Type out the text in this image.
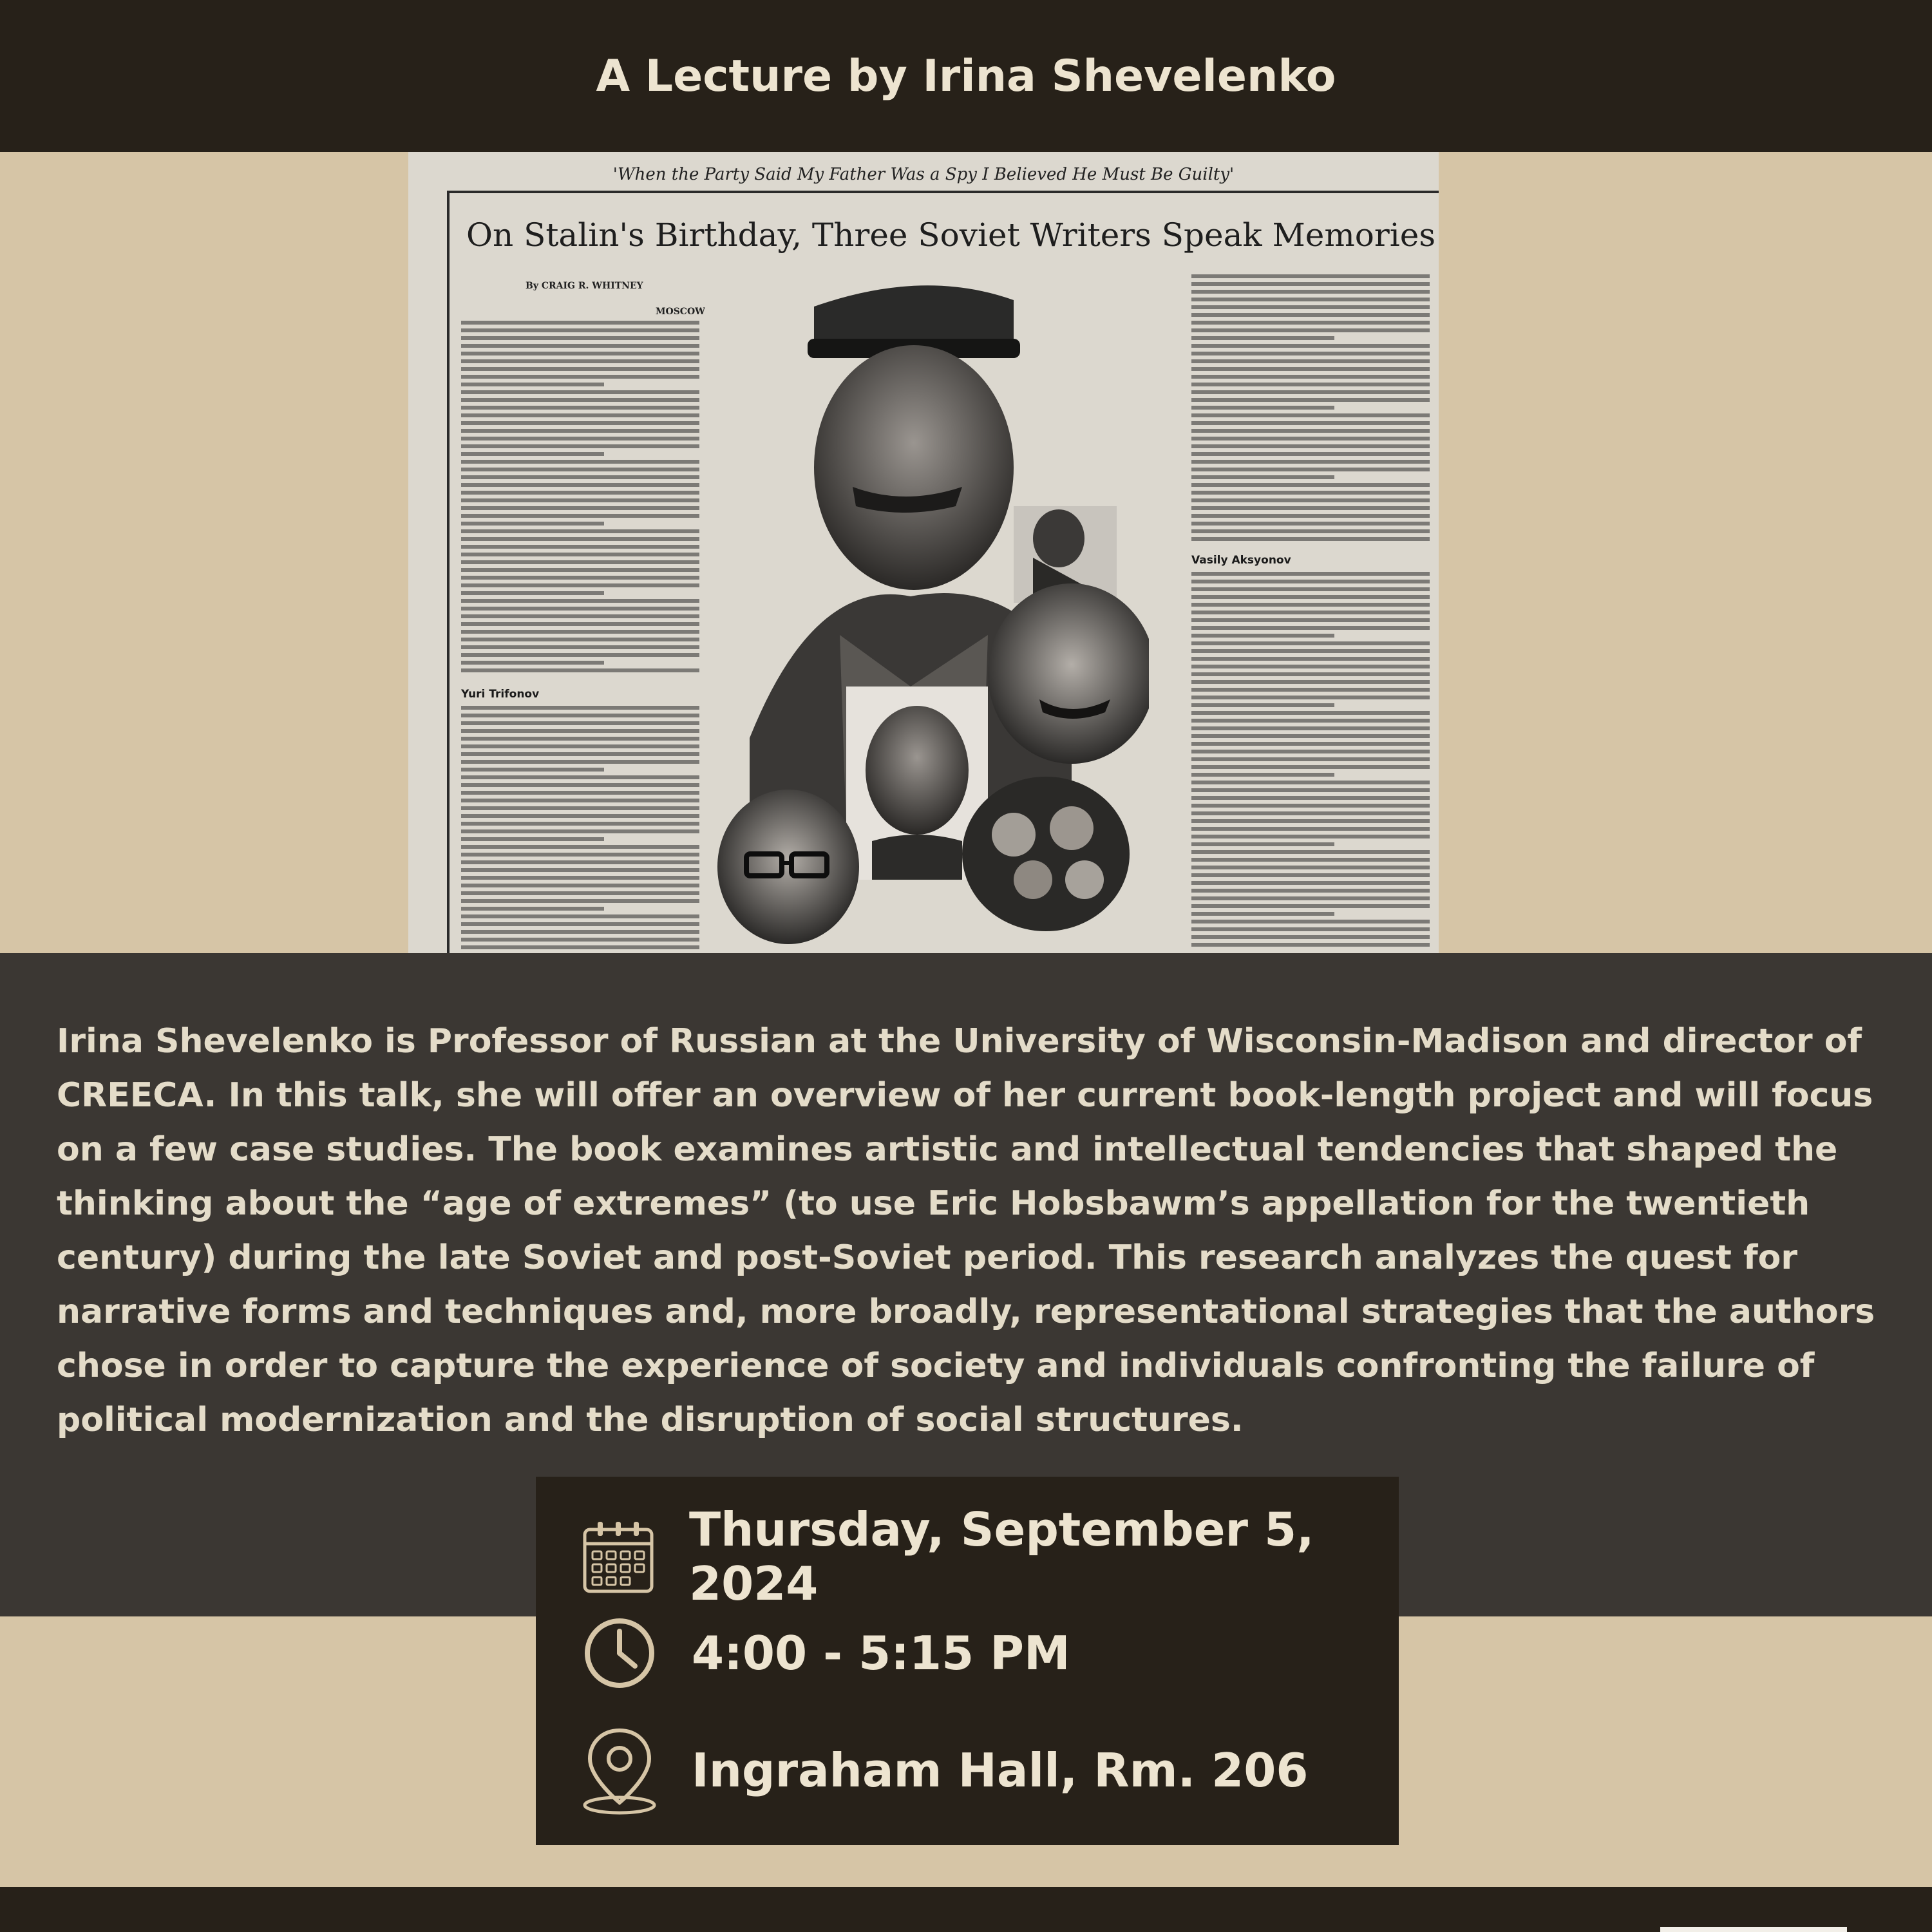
A Lecture by Irina Shevelenko
'When the Party Said My Father Was a Spy I Believed He Must Be Guilty'
On Stalin's Birthday, Three Soviet Writers Speak Memories
By CRAIG R. WHITNEY
MOSCOW
Yuri Trifonov
Vasily Aksyonov

Irina Shevelenko is Professor of Russian at the University of Wisconsin-Madison and director of CREECA. In this talk, she will offer an overview of her current book-length project and will focus on a few case studies. The book examines artistic and intellectual tendencies that shaped the thinking about the “age of extremes” (to use Eric Hobsbawm’s appellation for the twentieth century) during the late Soviet and post-Soviet period. This research analyzes the quest for narrative forms and techniques and, more broadly, representational strategies that the authors chose in order to capture the experience of society and individuals confronting the failure of political modernization and the disruption of social structures.

Thursday, September 5, 2024
4:00 - 5:15 PM
Ingraham Hall, Rm. 206
